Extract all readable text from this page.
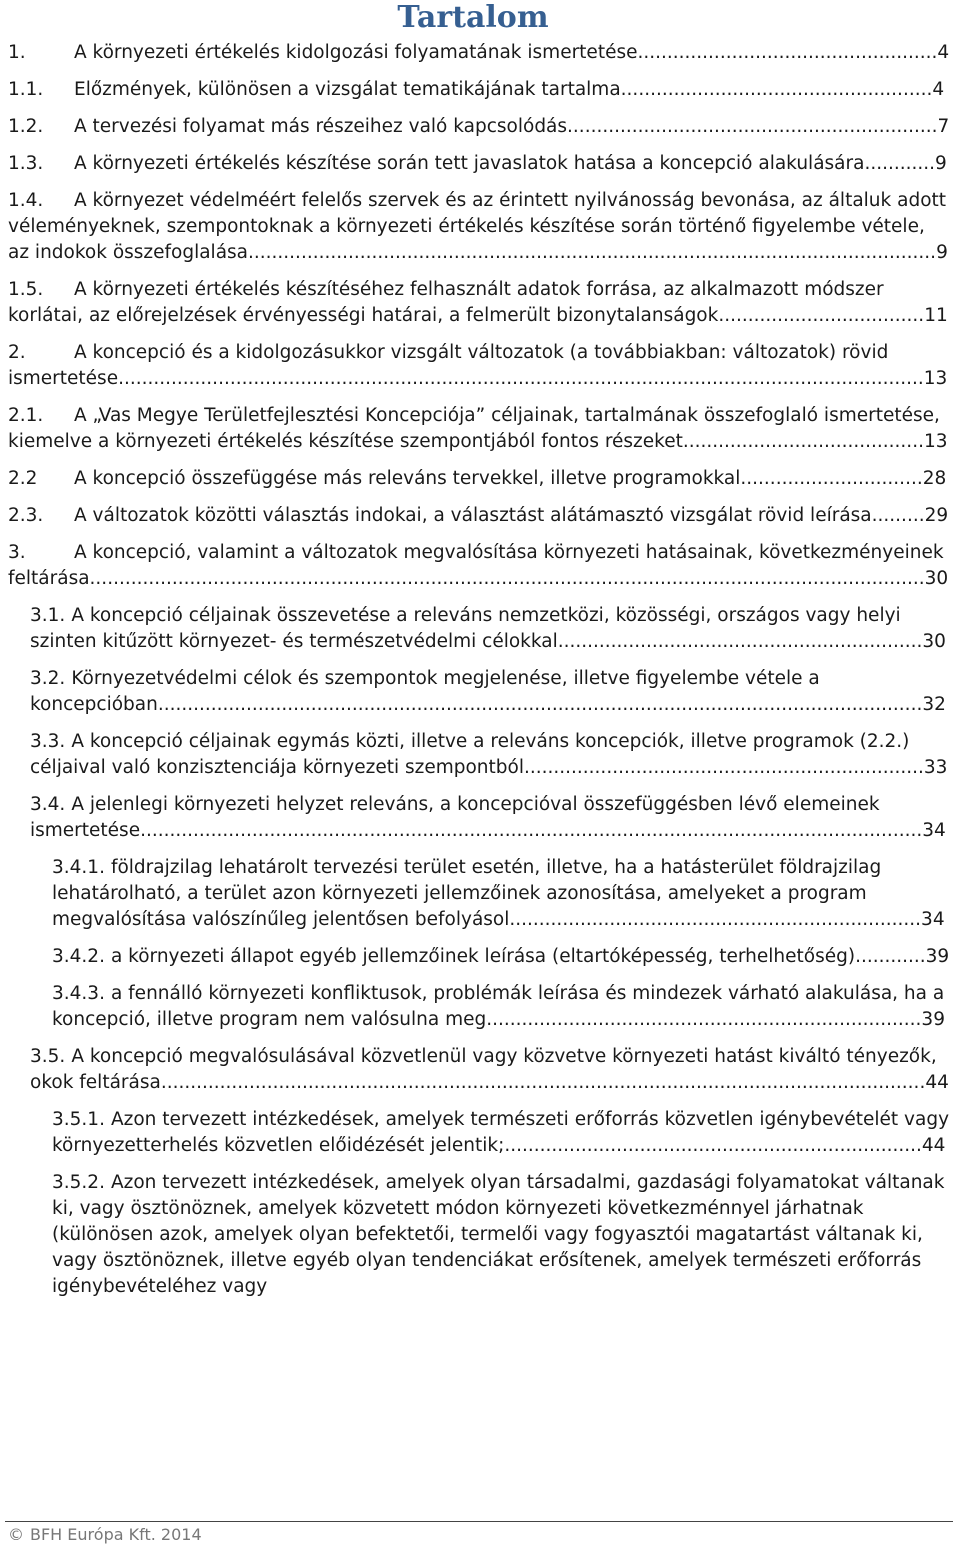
Tartalom
1.	A környezeti értékelés kidolgozási folyamatának ismertetése...................................................4
1.1. Előzmények, különösen a vizsgálat tematikájának tartalma.....................................................4
1.2. A tervezési folyamat más részeihez való kapcsolódás...............................................................7
1.3. A környezeti értékelés készítése során tett javaslatok hatása a koncepció alakulására............9
1.4. A környezet védelméért felelős szervek és az érintett nyilvánosság bevonása, az általuk adott véleményeknek, szempontoknak a környezeti értékelés készítése során történő figyelembe vétele, az indokok összefoglalása.....................................................................................................................9
1.5. A környezeti értékelés készítéséhez felhasznált adatok forrása, az alkalmazott módszer korlátai, az előrejelzések érvényességi határai, a felmerült bizonytalanságok...................................11
2.	A koncepció és a kidolgozásukkor vizsgált változatok (a továbbiakban: változatok) rövid ismertetése.........................................................................................................................................13
2.1. A „Vas Megye Területfejlesztési Koncepciója” céljainak, tartalmának összefoglaló ismertetése, kiemelve a környezeti értékelés készítése szempontjából fontos részeket.........................................13
2.2 A koncepció összefüggése más releváns tervekkel, illetve programokkal...............................28
2.3. A változatok közötti választás indokai, a választást alátámasztó vizsgálat rövid leírása.........29
3.	A koncepció, valamint a változatok megvalósítása környezeti hatásainak, következményeinek feltárása..............................................................................................................................................30
3.1. A koncepció céljainak összevetése a releváns nemzetközi, közösségi, országos vagy helyi szinten kitűzött környezet- és természetvédelmi célokkal..............................................................30
3.2. Környezetvédelmi célok és szempontok megjelenése, illetve figyelembe vétele a koncepcióban..................................................................................................................................32
3.3. A koncepció céljainak egymás közti, illetve a releváns koncepciók, illetve programok (2.2.) céljaival való konzisztenciája környezeti szempontból....................................................................33
3.4. A jelenlegi környezeti helyzet releváns, a koncepcióval összefüggésben lévő elemeinek ismertetése.....................................................................................................................................34
3.4.1. földrajzilag lehatárolt tervezési terület esetén, illetve, ha a hatásterület földrajzilag lehatárolható, a terület azon környezeti jellemzőinek azonosítása, amelyeket a program megvalósítása valószínűleg jelentősen befolyásol......................................................................34
3.4.2. a környezeti állapot egyéb jellemzőinek leírása (eltartóképesség, terhelhetőség)............39
3.4.3. a fennálló környezeti konfliktusok, problémák leírása és mindezek várható alakulása, ha a koncepció, illetve program nem valósulna meg..........................................................................39
3.5. A koncepció megvalósulásával közvetlenül vagy közvetve környezeti hatást kiváltó tényezők, okok feltárása..................................................................................................................................44
3.5.1. Azon tervezett intézkedések, amelyek természeti erőforrás közvetlen igénybevételét vagy környezetterhelés közvetlen előidézését jelentik;.......................................................................44
3.5.2. Azon tervezett intézkedések, amelyek olyan társadalmi, gazdasági folyamatokat váltanak ki, vagy ösztönöznek, amelyek közvetett módon környezeti következménnyel járhatnak (különösen azok, amelyek olyan befektetői, termelői vagy fogyasztói magatartást váltanak ki, vagy ösztönöznek, illetve egyéb olyan tendenciákat erősítenek, amelyek természeti erőforrás igénybevételéhez vagy
© BFH Európa Kft. 2014
